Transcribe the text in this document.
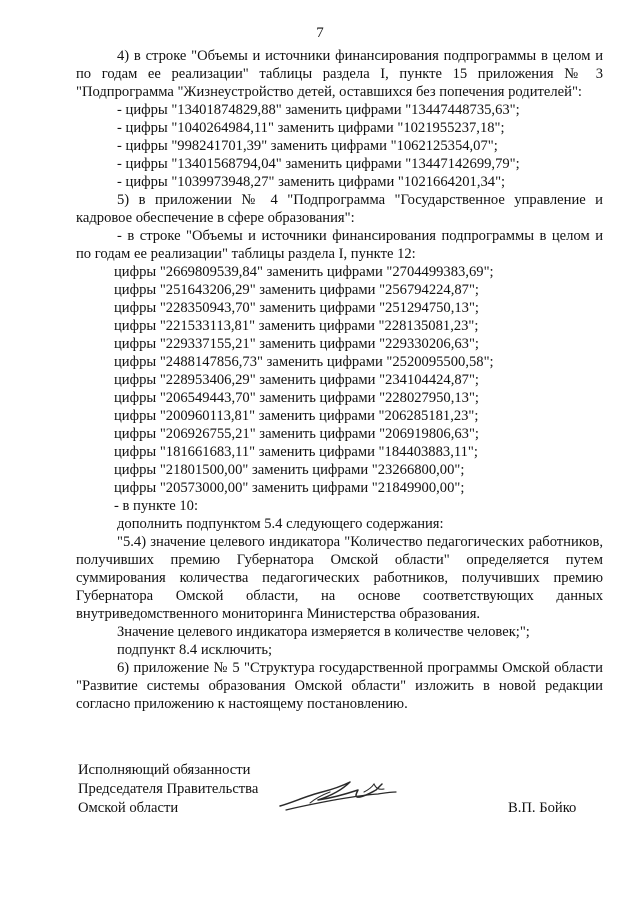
7

4) в строке "Объемы и источники финансирования подпрограммы в целом и по годам ее реализации" таблицы раздела I, пункте 15 приложения № 3 "Подпрограмма "Жизнеустройство детей, оставшихся без попечения родителей":

- цифры "13401874829,88" заменить цифрами "13447448735,63";
- цифры "1040264984,11" заменить цифрами "1021955237,18";
- цифры "998241701,39" заменить цифрами "1062125354,07";
- цифры "13401568794,04" заменить цифрами "13447142699,79";
- цифры "1039973948,27" заменить цифрами "1021664201,34";

5) в приложении № 4 "Подпрограмма "Государственное управление и кадровое обеспечение в сфере образования":

- в строке "Объемы и источники финансирования подпрограммы в целом и по годам ее реализации" таблицы раздела I, пункте 12:

цифры "2669809539,84" заменить цифрами "2704499383,69";
цифры "251643206,29" заменить цифрами "256794224,87";
цифры "228350943,70" заменить цифрами "251294750,13";
цифры "221533113,81" заменить цифрами "228135081,23";
цифры "229337155,21" заменить цифрами "229330206,63";
цифры "2488147856,73" заменить цифрами "2520095500,58";
цифры "228953406,29" заменить цифрами "234104424,87";
цифры "206549443,70" заменить цифрами "228027950,13";
цифры "200960113,81" заменить цифрами "206285181,23";
цифры "206926755,21" заменить цифрами "206919806,63";
цифры "181661683,11" заменить цифрами "184403883,11";
цифры "21801500,00" заменить цифрами "23266800,00";
цифры "20573000,00" заменить цифрами "21849900,00";
- в пункте 10:

дополнить подпунктом 5.4 следующего содержания:

"5.4) значение целевого индикатора "Количество педагогических работников, получивших премию Губернатора Омской области" определяется путем суммирования количества педагогических работников, получивших премию Губернатора Омской области, на основе соответствующих данных внутриведомственного мониторинга Министерства образования.

Значение целевого индикатора измеряется в количестве человек;";

подпункт 8.4 исключить;

6) приложение № 5 "Структура государственной программы Омской области "Развитие системы образования Омской области" изложить в новой редакции согласно приложению к настоящему постановлению.

Исполняющий обязанности
Председателя Правительства
Омской области	В.П. Бойко
